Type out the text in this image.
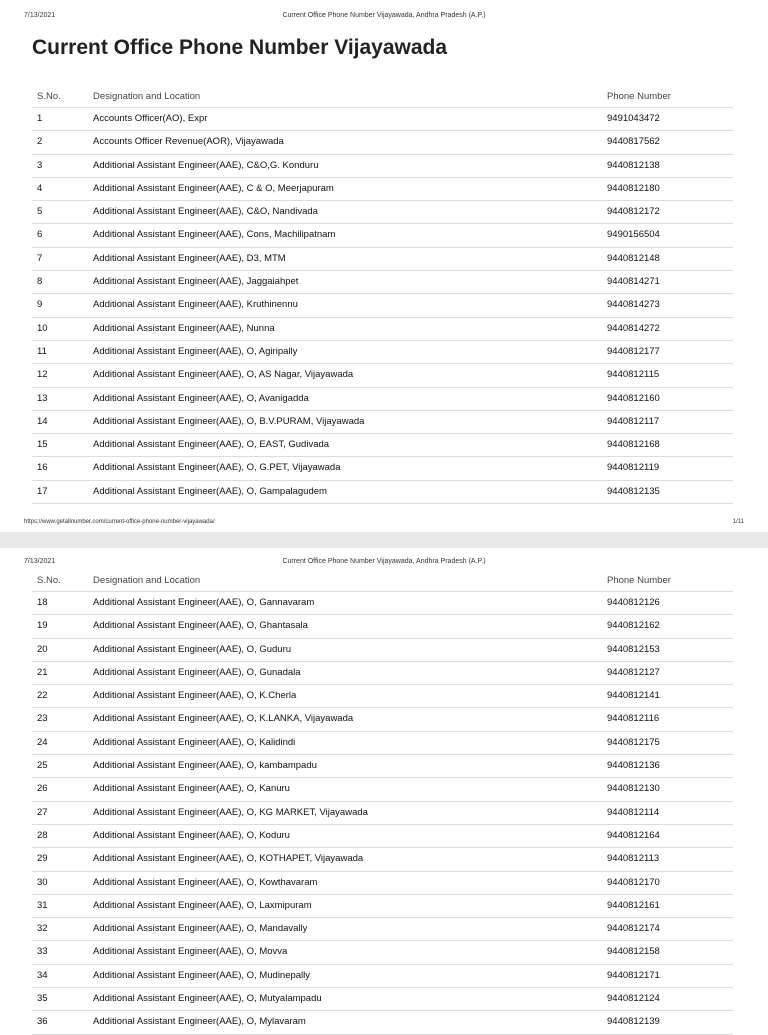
7/13/2021	Current Office Phone Number Vijayawada, Andhra Pradesh (A.P.)
Current Office Phone Number Vijayawada
S.No.	Designation and Location	Phone Number
1	Accounts Officer(AO), Expr	9491043472
2	Accounts Officer Revenue(AOR), Vijayawada	9440817562
3	Additional Assistant Engineer(AAE), C&O,G. Konduru	9440812138
4	Additional Assistant Engineer(AAE), C & O, Meerjapuram	9440812180
5	Additional Assistant Engineer(AAE), C&O, Nandivada	9440812172
6	Additional Assistant Engineer(AAE), Cons, Machilipatnam	9490156504
7	Additional Assistant Engineer(AAE), D3, MTM	9440812148
8	Additional Assistant Engineer(AAE), Jaggaiahpet	9440814271
9	Additional Assistant Engineer(AAE), Kruthinennu	9440814273
10	Additional Assistant Engineer(AAE), Nunna	9440814272
11	Additional Assistant Engineer(AAE), O, Agiripally	9440812177
12	Additional Assistant Engineer(AAE), O, AS Nagar, Vijayawada	9440812115
13	Additional Assistant Engineer(AAE), O, Avanigadda	9440812160
14	Additional Assistant Engineer(AAE), O, B.V.PURAM, Vijayawada	9440812117
15	Additional Assistant Engineer(AAE), O, EAST, Gudivada	9440812168
16	Additional Assistant Engineer(AAE), O, G.PET, Vijayawada	9440812119
17	Additional Assistant Engineer(AAE), O, Gampalagudem	9440812135
https://www.getallnumber.com/current-office-phone-number-vijayawada/	1/11
7/13/2021	Current Office Phone Number Vijayawada, Andhra Pradesh (A.P.)
S.No.	Designation and Location	Phone Number
18	Additional Assistant Engineer(AAE), O, Gannavaram	9440812126
19	Additional Assistant Engineer(AAE), O, Ghantasala	9440812162
20	Additional Assistant Engineer(AAE), O, Guduru	9440812153
21	Additional Assistant Engineer(AAE), O, Gunadala	9440812127
22	Additional Assistant Engineer(AAE), O, K.Cherla	9440812141
23	Additional Assistant Engineer(AAE), O, K.LANKA, Vijayawada	9440812116
24	Additional Assistant Engineer(AAE), O, Kalidindi	9440812175
25	Additional Assistant Engineer(AAE), O, kambampadu	9440812136
26	Additional Assistant Engineer(AAE), O, Kanuru	9440812130
27	Additional Assistant Engineer(AAE), O, KG MARKET, Vijayawada	9440812114
28	Additional Assistant Engineer(AAE), O, Koduru	9440812164
29	Additional Assistant Engineer(AAE), O, KOTHAPET, Vijayawada	9440812113
30	Additional Assistant Engineer(AAE), O, Kowthavaram	9440812170
31	Additional Assistant Engineer(AAE), O, Laxmipuram	9440812161
32	Additional Assistant Engineer(AAE), O, Mandavally	9440812174
33	Additional Assistant Engineer(AAE), O, Movva	9440812158
34	Additional Assistant Engineer(AAE), O, Mudinepally	9440812171
35	Additional Assistant Engineer(AAE), O, Mutyalampadu	9440812124
36	Additional Assistant Engineer(AAE), O, Mylavaram	9440812139
